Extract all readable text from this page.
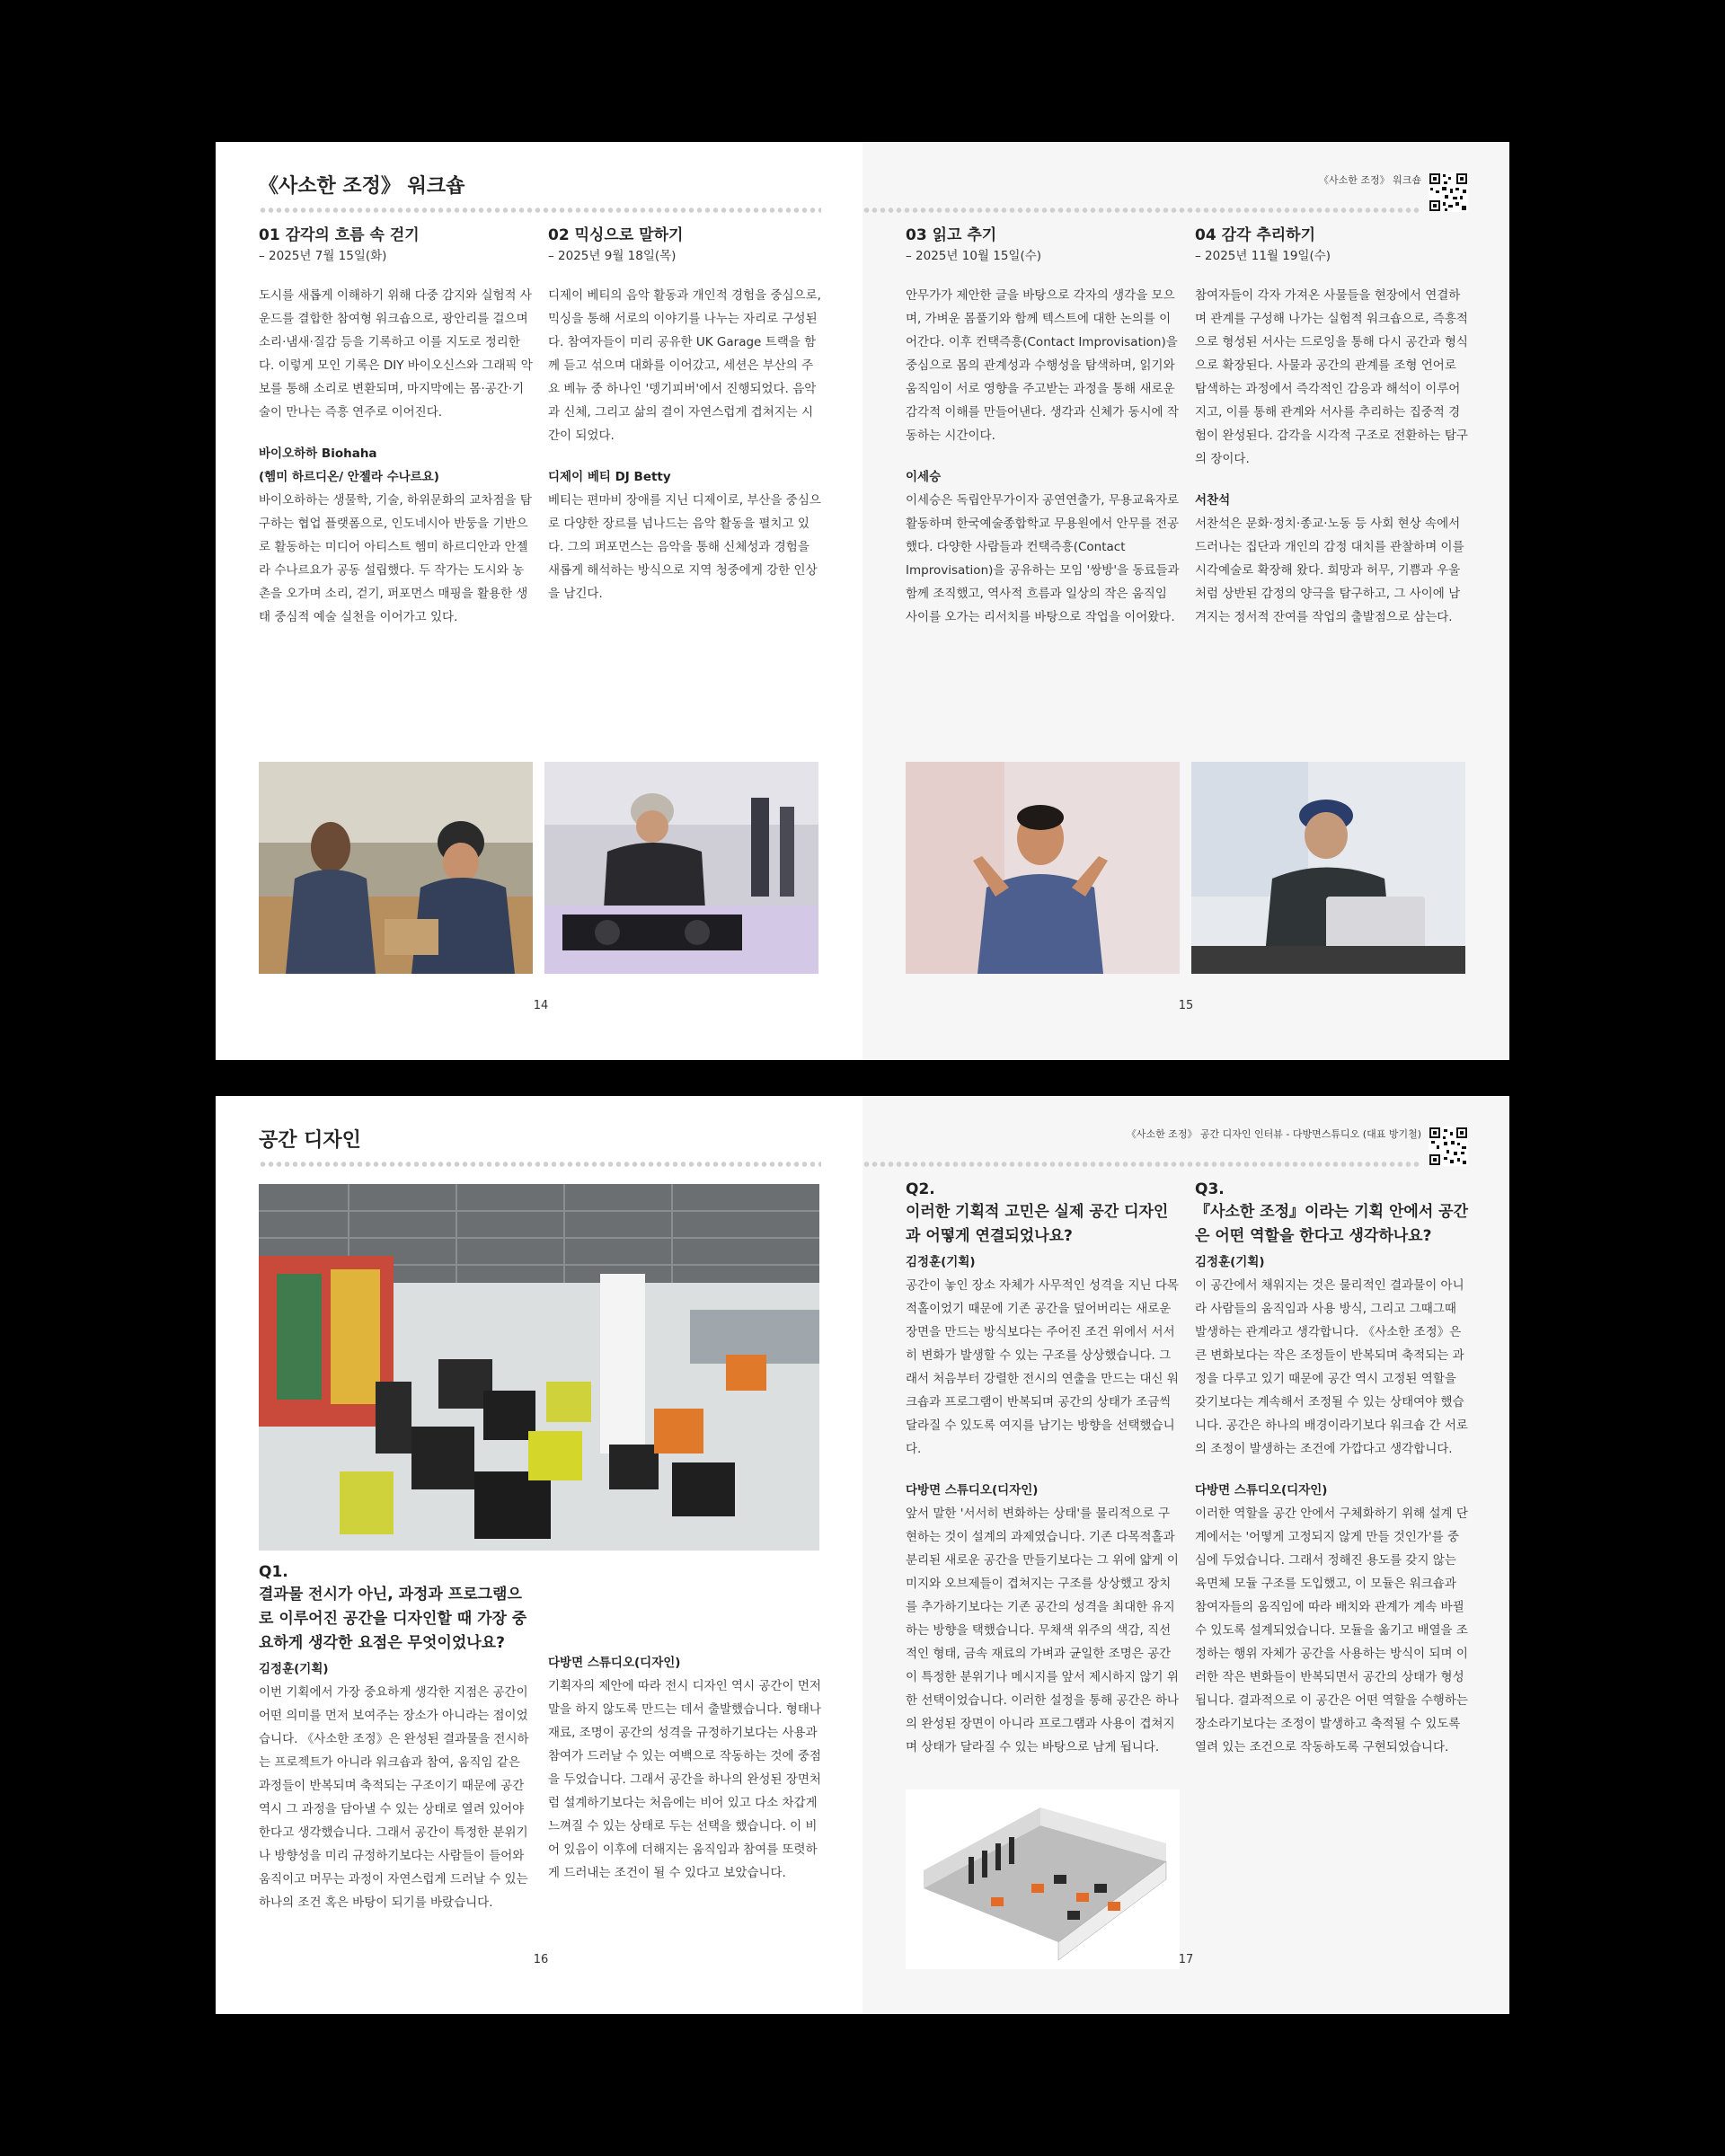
《사소한 조정》 워크숍
01 감각의 흐름 속 걷기
– 2025년 7월 15일(화)

도시를 새롭게 이해하기 위해 다중 감지와 실험적 사운드를 결합한 참여형 워크숍으로, 광안리를 걸으며 소리·냄새·질감 등을 기록하고 이를 지도로 정리한다. 이렇게 모인 기록은 DIY 바이오신스와 그래픽 악보를 통해 소리로 변환되며, 마지막에는 몸·공간·기술이 만나는 즉흥 연주로 이어진다.

바이오하하 Biohaha
(헴미 하르디온/ 안젤라 수나르요)

바이오하하는 생물학, 기술, 하위문화의 교차점을 탐구하는 협업 플랫폼으로, 인도네시아 반둥을 기반으로 활동하는 미디어 아티스트 헴미 하르디안과 안젤라 수나르요가 공동 설립했다. 두 작가는 도시와 농촌을 오가며 소리, 걷기, 퍼포먼스 매핑을 활용한 생태 중심적 예술 실천을 이어가고 있다.

02 믹싱으로 말하기
– 2025년 9월 18일(목)

디제이 베티의 음악 활동과 개인적 경험을 중심으로, 믹싱을 통해 서로의 이야기를 나누는 자리로 구성된다. 참여자들이 미리 공유한 UK Garage 트랙을 함께 듣고 섞으며 대화를 이어갔고, 세션은 부산의 주요 베뉴 중 하나인 '뎅기피버'에서 진행되었다. 음악과 신체, 그리고 삶의 결이 자연스럽게 겹쳐지는 시간이 되었다.

디제이 베티 DJ Betty

베티는 편마비 장애를 지닌 디제이로, 부산을 중심으로 다양한 장르를 넘나드는 음악 활동을 펼치고 있다. 그의 퍼포먼스는 음악을 통해 신체성과 경험을 새롭게 해석하는 방식으로 지역 청중에게 강한 인상을 남긴다.

14
《사소한 조정》 워크숍
03 읽고 추기
– 2025년 10월 15일(수)

안무가가 제안한 글을 바탕으로 각자의 생각을 모으며, 가벼운 몸풀기와 함께 텍스트에 대한 논의를 이어간다. 이후 컨택즉흥(Contact Improvisation)을 중심으로 몸의 관계성과 수행성을 탐색하며, 읽기와 움직임이 서로 영향을 주고받는 과정을 통해 새로운 감각적 이해를 만들어낸다. 생각과 신체가 동시에 작동하는 시간이다.

이세승

이세승은 독립안무가이자 공연연출가, 무용교육자로 활동하며 한국예술종합학교 무용원에서 안무를 전공했다. 다양한 사람들과 컨택즉흥(Contact Improvisation)을 공유하는 모임 '쌍방'을 동료들과 함께 조직했고, 역사적 흐름과 일상의 작은 움직임 사이를 오가는 리서치를 바탕으로 작업을 이어왔다.

04 감각 추리하기
– 2025년 11월 19일(수)

참여자들이 각자 가져온 사물들을 현장에서 연결하며 관계를 구성해 나가는 실험적 워크숍으로, 즉흥적으로 형성된 서사는 드로잉을 통해 다시 공간과 형식으로 확장된다. 사물과 공간의 관계를 조형 언어로 탐색하는 과정에서 즉각적인 감응과 해석이 이루어지고, 이를 통해 관계와 서사를 추리하는 집중적 경험이 완성된다. 감각을 시각적 구조로 전환하는 탐구의 장이다.

서찬석

서찬석은 문화·정치·종교·노동 등 사회 현상 속에서 드러나는 집단과 개인의 감정 대치를 관찰하며 이를 시각예술로 확장해 왔다. 희망과 허무, 기쁨과 우울처럼 상반된 감정의 양극을 탐구하고, 그 사이에 남겨지는 정서적 잔여를 작업의 출발점으로 삼는다.

15
공간 디자인
Q1.
결과물 전시가 아닌, 과정과 프로그램으로 이루어진 공간을 디자인할 때 가장 중요하게 생각한 요점은 무엇이었나요?
김정훈(기획)

이번 기획에서 가장 중요하게 생각한 지점은 공간이 어떤 의미를 먼저 보여주는 장소가 아니라는 점이었습니다. 《사소한 조정》은 완성된 결과물을 전시하는 프로젝트가 아니라 워크숍과 참여, 움직임 같은 과정들이 반복되며 축적되는 구조이기 때문에 공간 역시 그 과정을 담아낼 수 있는 상태로 열려 있어야 한다고 생각했습니다. 그래서 공간이 특정한 분위기나 방향성을 미리 규정하기보다는 사람들이 들어와 움직이고 머무는 과정이 자연스럽게 드러날 수 있는 하나의 조건 혹은 바탕이 되기를 바랐습니다.

다방면 스튜디오(디자인)

기획자의 제안에 따라 전시 디자인 역시 공간이 먼저 말을 하지 않도록 만드는 데서 출발했습니다. 형태나 재료, 조명이 공간의 성격을 규정하기보다는 사용과 참여가 드러날 수 있는 여백으로 작동하는 것에 중점을 두었습니다. 그래서 공간을 하나의 완성된 장면처럼 설계하기보다는 처음에는 비어 있고 다소 차갑게 느껴질 수 있는 상태로 두는 선택을 했습니다. 이 비어 있음이 이후에 더해지는 움직임과 참여를 또렷하게 드러내는 조건이 될 수 있다고 보았습니다.

16
《사소한 조정》 공간 디자인 인터뷰 - 다방면스튜디오 (대표 방기철)
Q2.
이러한 기획적 고민은 실제 공간 디자인과 어떻게 연결되었나요?
김정훈(기획)

공간이 놓인 장소 자체가 사무적인 성격을 지닌 다목적홀이었기 때문에 기존 공간을 덮어버리는 새로운 장면을 만드는 방식보다는 주어진 조건 위에서 서서히 변화가 발생할 수 있는 구조를 상상했습니다. 그래서 처음부터 강렬한 전시의 연출을 만드는 대신 워크숍과 프로그램이 반복되며 공간의 상태가 조금씩 달라질 수 있도록 여지를 남기는 방향을 선택했습니다.

다방면 스튜디오(디자인)

앞서 말한 '서서히 변화하는 상태'를 물리적으로 구현하는 것이 설계의 과제였습니다. 기존 다목적홀과 분리된 새로운 공간을 만들기보다는 그 위에 얇게 이미지와 오브제들이 겹쳐지는 구조를 상상했고 장치를 추가하기보다는 기존 공간의 성격을 최대한 유지하는 방향을 택했습니다. 무채색 위주의 색감, 직선적인 형태, 금속 재료의 가벼과 균일한 조명은 공간이 특정한 분위기나 메시지를 앞서 제시하지 않기 위한 선택이었습니다. 이러한 설정을 통해 공간은 하나의 완성된 장면이 아니라 프로그램과 사용이 겹쳐지며 상태가 달라질 수 있는 바탕으로 남게 됩니다.

Q3.
『사소한 조정』이라는 기획 안에서 공간은 어떤 역할을 한다고 생각하나요?
김정훈(기획)

이 공간에서 채워지는 것은 물리적인 결과물이 아니라 사람들의 움직임과 사용 방식, 그리고 그때그때 발생하는 관계라고 생각합니다. 《사소한 조정》은 큰 변화보다는 작은 조정들이 반복되며 축적되는 과정을 다루고 있기 때문에 공간 역시 고정된 역할을 갖기보다는 계속해서 조정될 수 있는 상태여야 했습니다. 공간은 하나의 배경이라기보다 워크숍 간 서로의 조정이 발생하는 조건에 가깝다고 생각합니다.

다방면 스튜디오(디자인)

이러한 역할을 공간 안에서 구체화하기 위해 설계 단계에서는 '어떻게 고정되지 않게 만들 것인가'를 중심에 두었습니다. 그래서 정해진 용도를 갖지 않는 육면체 모듈 구조를 도입했고, 이 모듈은 워크숍과 참여자들의 움직임에 따라 배치와 관계가 계속 바뀔 수 있도록 설계되었습니다. 모듈을 옮기고 배열을 조정하는 행위 자체가 공간을 사용하는 방식이 되며 이러한 작은 변화들이 반복되면서 공간의 상태가 형성됩니다. 결과적으로 이 공간은 어떤 역할을 수행하는 장소라기보다는 조정이 발생하고 축적될 수 있도록 열려 있는 조건으로 작동하도록 구현되었습니다.

17
